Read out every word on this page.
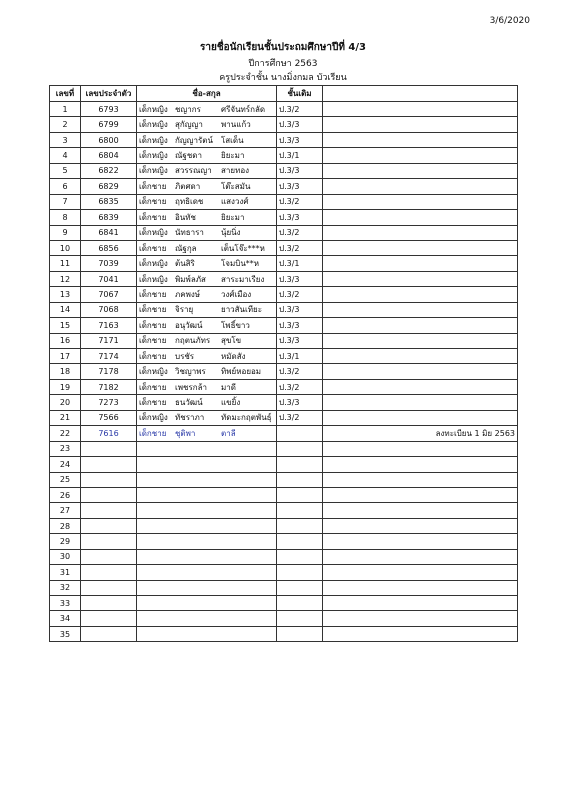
3/6/2020
รายชื่อนักเรียนชั้นประถมศึกษาปีที่ 4/3
ปีการศึกษา 2563
ครูประจำชั้น นางมิ่งกมล บัวเรียน
เลขที่	เลขประจำตัว	ชื่อ-สกุล	ชั้นเดิม	
1	6793	เด็กหญิง ชญากร ศรีจันทร์กลัด	ป.3/2	
2	6799	เด็กหญิง สุกัญญา พานแก้ว	ป.3/3	
3	6800	เด็กหญิง กัญญารัตน์ โสเด็น	ป.3/3	
4	6804	เด็กหญิง ณัฐชดา ยิยะมา	ป.3/1	
5	6822	เด็กหญิง สวรรณญา สายทอง	ป.3/3	
6	6829	เด็กชาย ภิตศดา โต๊ะสมัน	ป.3/3	
7	6835	เด็กชาย ฤทธิเดช แสงวงศ์	ป.3/2	
8	6839	เด็กชาย อินทัช ยิยะมา	ป.3/3	
9	6841	เด็กหญิง นัทธารา นุ้ยนิ่ง	ป.3/2	
10	6856	เด็กชาย ณัฐกุล เต็นโจ๊ะ***ห	ป.3/2	
11	7039	เด็กหญิง ต้นสิริ โจมบิน**ห	ป.3/1	
12	7041	เด็กหญิง พิมพ์ลภัส สาระมาเรียง	ป.3/3	
13	7067	เด็กชาย ภคพงษ์ วงศ์เมือง	ป.3/2	
14	7068	เด็กชาย จิรายุ ยาวสันเทียะ	ป.3/3	
15	7163	เด็กชาย อนุวัฒน์ โพธิ์ขาว	ป.3/3	
16	7171	เด็กชาย กฤตนภัทร สุขโข	ป.3/3	
17	7174	เด็กชาย บรชัร หมัดสัง	ป.3/1	
18	7178	เด็กหญิง วิชญาพร ทิพย์หอยอม	ป.3/2	
19	7182	เด็กชาย เพชรกล้า มาดี	ป.3/2	
20	7273	เด็กชาย ธนวัฒน์ แขยิ้ง	ป.3/3	
21	7566	เด็กหญิง ทัชราภา ทัดมะกฤตพันธุ์	ป.3/2	
22	7616	เด็กชาย ชุติพา ตาลี		ลงทะเบียน 1 มิย 2563
23				
24				
25				
26				
27				
28				
29				
30				
31				
32				
33				
34				
35				
